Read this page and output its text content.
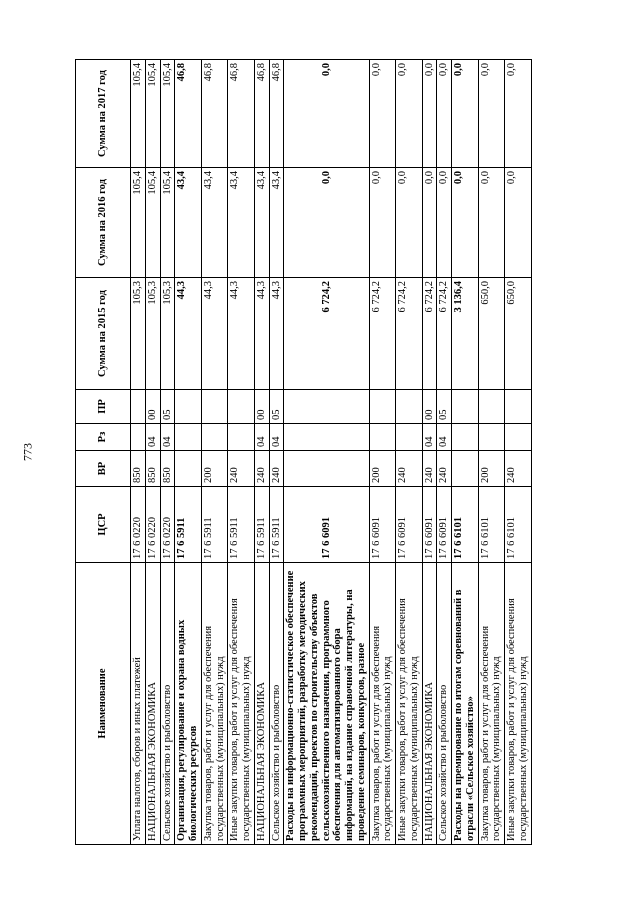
773
Наименование	ЦСР	ВР	Рз	ПР	Сумма на 2015 год	Сумма на 2016 год	Сумма на 2017 год
Уплата налогов, сборов и иных платежей	17 6 0220	850			105,3	105,4	105,4
НАЦИОНАЛЬНАЯ ЭКОНОМИКА	17 6 0220	850	04	00	105,3	105,4	105,4
Сельское хозяйство и рыболовство	17 6 0220	850	04	05	105,3	105,4	105,4
Организация, регулирование и охрана водных биологических ресурсов	17 6 5911				44,3	43,4	46,8
Закупка товаров, работ и услуг для обеспечения государственных (муниципальных) нужд	17 6 5911	200			44,3	43,4	46,8
Иные закупки товаров, работ и услуг для обеспечения государственных (муниципальных) нужд	17 6 5911	240			44,3	43,4	46,8
НАЦИОНАЛЬНАЯ ЭКОНОМИКА	17 6 5911	240	04	00	44,3	43,4	46,8
Сельское хозяйство и рыболовство	17 6 5911	240	04	05	44,3	43,4	46,8
Расходы на информационно-статистическое обеспечение программных мероприятий, разработку методических рекомендаций, проектов по строительству объектов сельскохозяйственного назначения, программного обеспечения для автоматизированного сбора информаций, на издание справочной литературы, на проведение семинаров, конкурсов, разное	17 6 6091				6 724,2	0,0	0,0
Закупка товаров, работ и услуг для обеспечения государственных (муниципальных) нужд	17 6 6091	200			6 724,2	0,0	0,0
Иные закупки товаров, работ и услуг для обеспечения государственных (муниципальных) нужд	17 6 6091	240			6 724,2	0,0	0,0
НАЦИОНАЛЬНАЯ ЭКОНОМИКА	17 6 6091	240	04	00	6 724,2	0,0	0,0
Сельское хозяйство и рыболовство	17 6 6091	240	04	05	6 724,2	0,0	0,0
Расходы на премирование по итогам соревнований в отрасли «Сельское хозяйство»	17 6 6101				3 136,4	0,0	0,0
Закупка товаров, работ и услуг для обеспечения государственных (муниципальных) нужд	17 6 6101	200			650,0	0,0	0,0
Иные закупки товаров, работ и услуг для обеспечения государственных (муниципальных) нужд	17 6 6101	240			650,0	0,0	0,0
